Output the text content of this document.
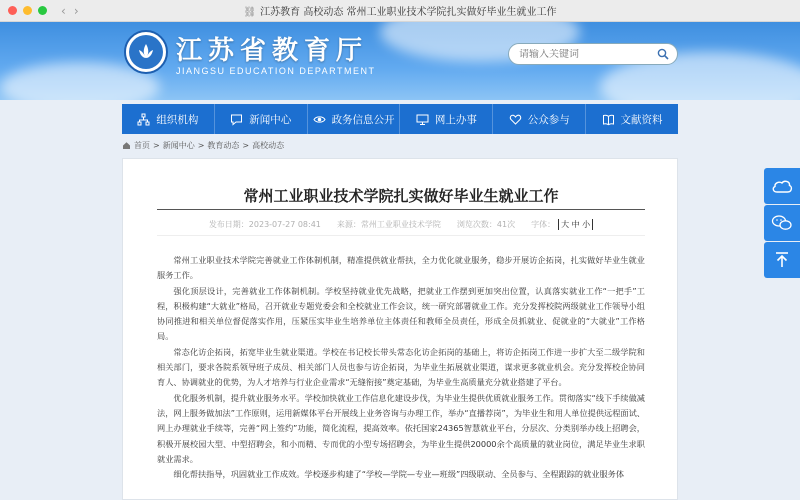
⛓ 江苏教育 高校动态 常州工业职业技术学院扎实做好毕业生就业工作
‹ ›
江苏省教育厅
JIANGSU EDUCATION DEPARTMENT
请输入关键词
组织机构	新闻中心	政务信息公开	网上办事	公众参与	文献资料
首页 > 新闻中心 > 教育动态 > 高校动态
常州工业职业技术学院扎实做好毕业生就业工作
发布日期：2023-07-27 08:41 来源：常州工业职业技术学院 浏览次数：41次 字体： 大 中 小

常州工业职业技术学院完善就业工作体制机制，精准提供就业帮扶，全力优化就业服务，稳步开展访企拓岗，扎实做好毕业生就业服务工作。

强化顶层设计，完善就业工作体制机制。学校坚持就业优先战略，把就业工作摆到更加突出位置，认真落实就业工作“一把手”工程，积极构建“大就业”格局，召开就业专题党委会和全校就业工作会议，统一研究部署就业工作。充分发挥校院两级就业工作领导小组协同推进和相关单位督促落实作用，压紧压实毕业生培养单位主体责任和教师全员责任，形成全员抓就业、促就业的“大就业”工作格局。

常态化访企拓岗，拓宽毕业生就业渠道。学校在书记校长带头常态化访企拓岗的基础上，将访企拓岗工作进一步扩大至二级学院和相关部门，要求各院系领导班子成员、相关部门人员也参与访企拓岗，为毕业生拓展就业渠道，谋求更多就业机会。充分发挥校企协同育人、协调就业的优势，为人才培养与行业企业需求“无缝衔接”奠定基础，为毕业生高质量充分就业搭建了平台。

优化服务机制，提升就业服务水平。学校加快就业工作信息化建设步伐，为毕业生提供优质就业服务工作。贯彻落实“线下手续做减法，网上服务做加法”工作原则，运用新媒体平台开展线上业务咨询与办理工作，举办“直播荐岗”，为毕业生和用人单位提供远程面试、网上办理就业手续等，完善“网上签约”功能，简化流程，提高效率。依托国家24365智慧就业平台，分层次、分类别举办线上招聘会，积极开展校园大型、中型招聘会，和小而精、专而优的小型专场招聘会，为毕业生提供20000余个高质量的就业岗位，满足毕业生求职就业需求。

细化帮扶指导，巩固就业工作成效。学校逐步构建了“学校—学院—专业—班级”四级联动、全员参与、全程跟踪的就业服务体
